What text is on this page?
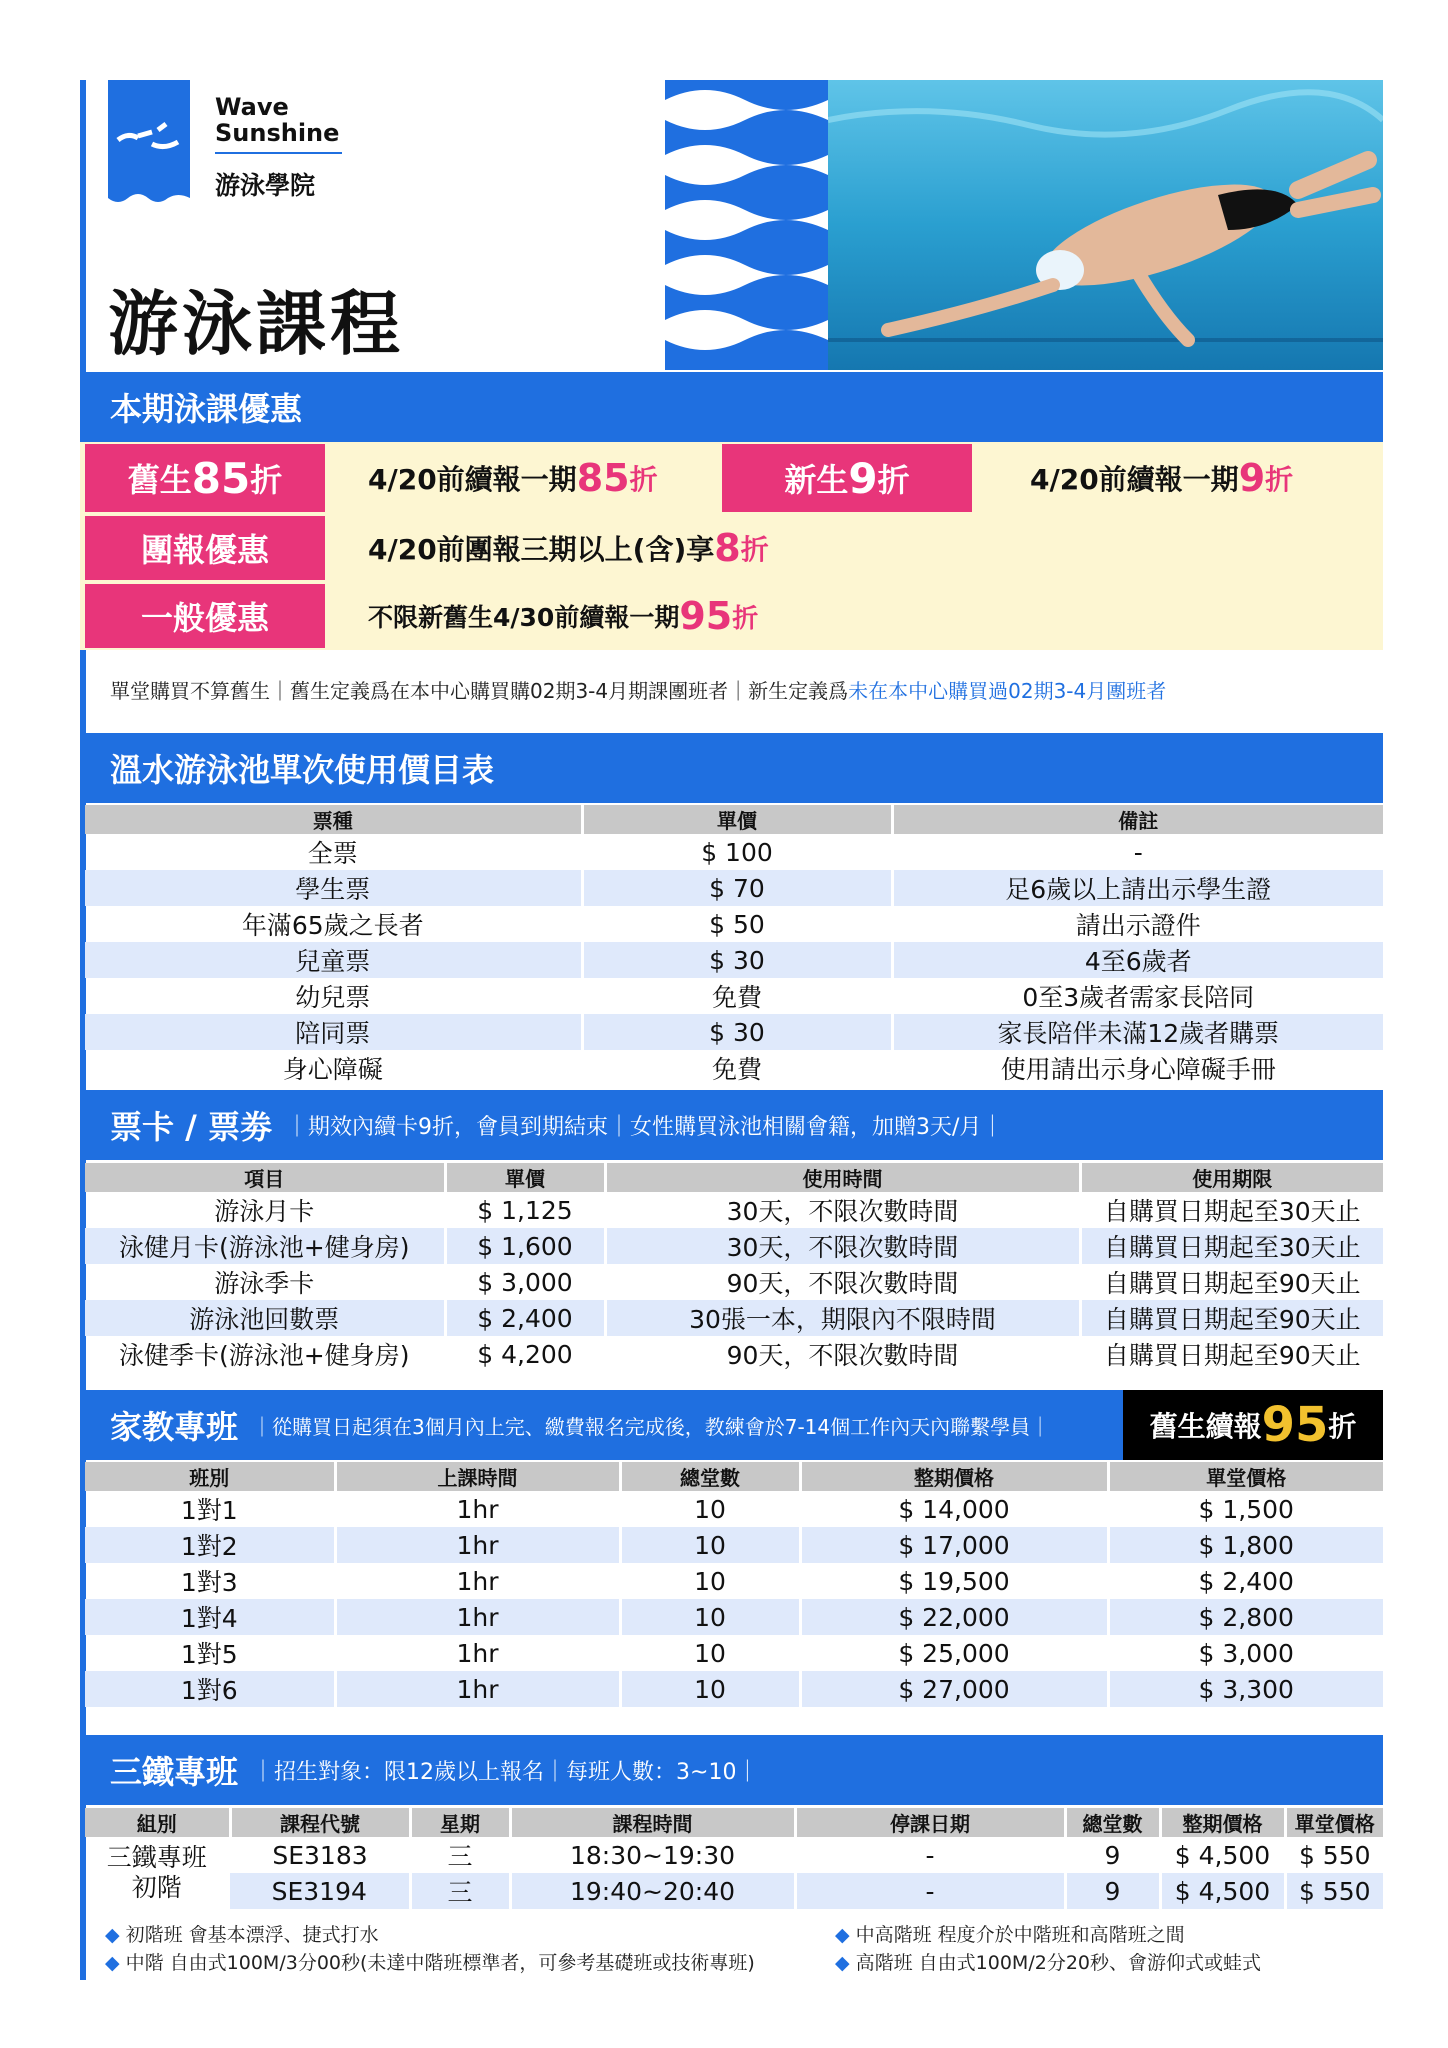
Wave
Sunshine
游泳學院
游泳課程
本期泳課優惠
舊生 85 折	4/20前續報一期 85 折	新生 9 折	4/20前續報一期 9 折
團報優惠	4/20前團報三期以上(含)享 8 折
一般優惠	不限新舊生4/30前續報一期 95 折
單堂購買不算舊生｜舊生定義爲在本中心購買購02期3-4月期課團班者｜新生定義爲未在本中心購買過02期3-4月團班者
溫水游泳池單次使用價目表
票種	單價	備註
全票	$ 100	-
學生票	$ 70	足6歲以上請出示學生證
年滿65歲之長者	$ 50	請出示證件
兒童票	$ 30	4至6歲者
幼兒票	免費	0至3歲者需家長陪同
陪同票	$ 30	家長陪伴未滿12歲者購票
身心障礙	免費	使用請出示身心障礙手冊
票卡 / 票劵 ｜期效內續卡9折，會員到期結束｜女性購買泳池相關會籍，加贈3天/月｜
項目	單價	使用時間	使用期限
游泳月卡	$ 1,125	30天，不限次數時間	自購買日期起至30天止
泳健月卡(游泳池+健身房)	$ 1,600	30天，不限次數時間	自購買日期起至30天止
游泳季卡	$ 3,000	90天，不限次數時間	自購買日期起至90天止
游泳池回數票	$ 2,400	30張一本，期限內不限時間	自購買日期起至90天止
泳健季卡(游泳池+健身房)	$ 4,200	90天，不限次數時間	自購買日期起至90天止
家教專班 ｜從購買日起須在3個月內上完、繳費報名完成後，教練會於7-14個工作內天內聯繫學員｜	舊生續報 95 折
班別	上課時間	總堂數	整期價格	單堂價格
1對1	1hr	10	$ 14,000	$ 1,500
1對2	1hr	10	$ 17,000	$ 1,800
1對3	1hr	10	$ 19,500	$ 2,400
1對4	1hr	10	$ 22,000	$ 2,800
1對5	1hr	10	$ 25,000	$ 3,000
1對6	1hr	10	$ 27,000	$ 3,300
三鐵專班 ｜招生對象：限12歲以上報名｜每班人數：3~10｜
組別	課程代號	星期	課程時間	停課日期	總堂數	整期價格	單堂價格
三鐵專班
初階	SE3183	三	18:30~19:30	-	9	$ 4,500	$ 550
	SE3194	三	19:40~20:40	-	9	$ 4,500	$ 550
◆ 初階班 會基本漂浮、捷式打水
◆ 中階 自由式100M/3分00秒(未達中階班標準者，可參考基礎班或技術專班)
◆ 中高階班 程度介於中階班和高階班之間
◆ 高階班 自由式100M/2分20秒、會游仰式或蛙式
